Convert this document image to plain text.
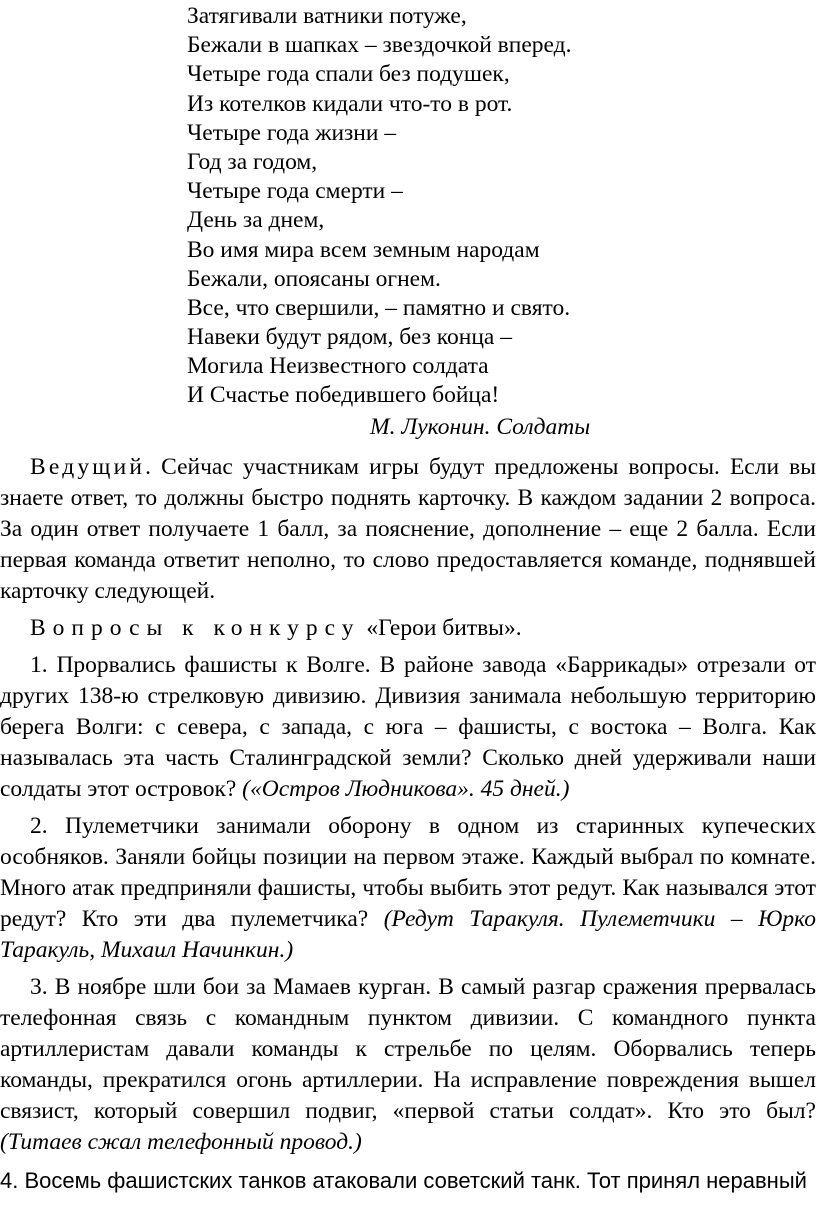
Затягивали ватники потуже,
Бежали в шапках – звездочкой вперед.
Четыре года спали без подушек,
Из котелков кидали что-то в рот.
Четыре года жизни –
Год за годом,
Четыре года смерти –
День за днем,
Во имя мира всем земным народам
Бежали, опоясаны огнем.
Все, что свершили, – памятно и свято.
Навеки будут рядом, без конца –
Могила Неизвестного солдата
И Счастье победившего бойца!
М. Луконин. Солдаты

Ведущий. Сейчас участникам игры будут предложены вопросы. Если вы знаете ответ, то должны быстро поднять карточку. В каждом задании 2 вопроса. За один ответ получаете 1 балл, за пояснение, дополнение – еще 2 балла. Если первая команда ответит неполно, то слово предоставляется команде, поднявшей карточку следующей.

Вопросы к конкурсу «Герои битвы».

1. Прорвались фашисты к Волге. В районе завода «Баррикады» отрезали от других 138-ю стрелковую дивизию. Дивизия занимала небольшую территорию берега Волги: с севера, с запада, с юга – фашисты, с востока – Волга. Как называлась эта часть Сталинградской земли? Сколько дней удерживали наши солдаты этот островок? («Остров Людникова». 45 дней.)

2. Пулеметчики занимали оборону в одном из старинных купеческих особняков. Заняли бойцы позиции на первом этаже. Каждый выбрал по комнате. Много атак предприняли фашисты, чтобы выбить этот редут. Как назывался этот редут? Кто эти два пулеметчика? (Редут Таракуля. Пулеметчики – Юрко Таракуль, Михаил Начинкин.)

3. В ноябре шли бои за Мамаев курган. В самый разгар сражения прервалась телефонная связь с командным пунктом дивизии. С командного пункта артиллеристам давали команды к стрельбе по целям. Оборвались теперь команды, прекратился огонь артиллерии. На исправление повреждения вышел связист, который совершил подвиг, «первой статьи солдат». Кто это был? (Титаев сжал телефонный провод.)

4. Восемь фашистских танков атаковали советский танк. Тот принял неравный
